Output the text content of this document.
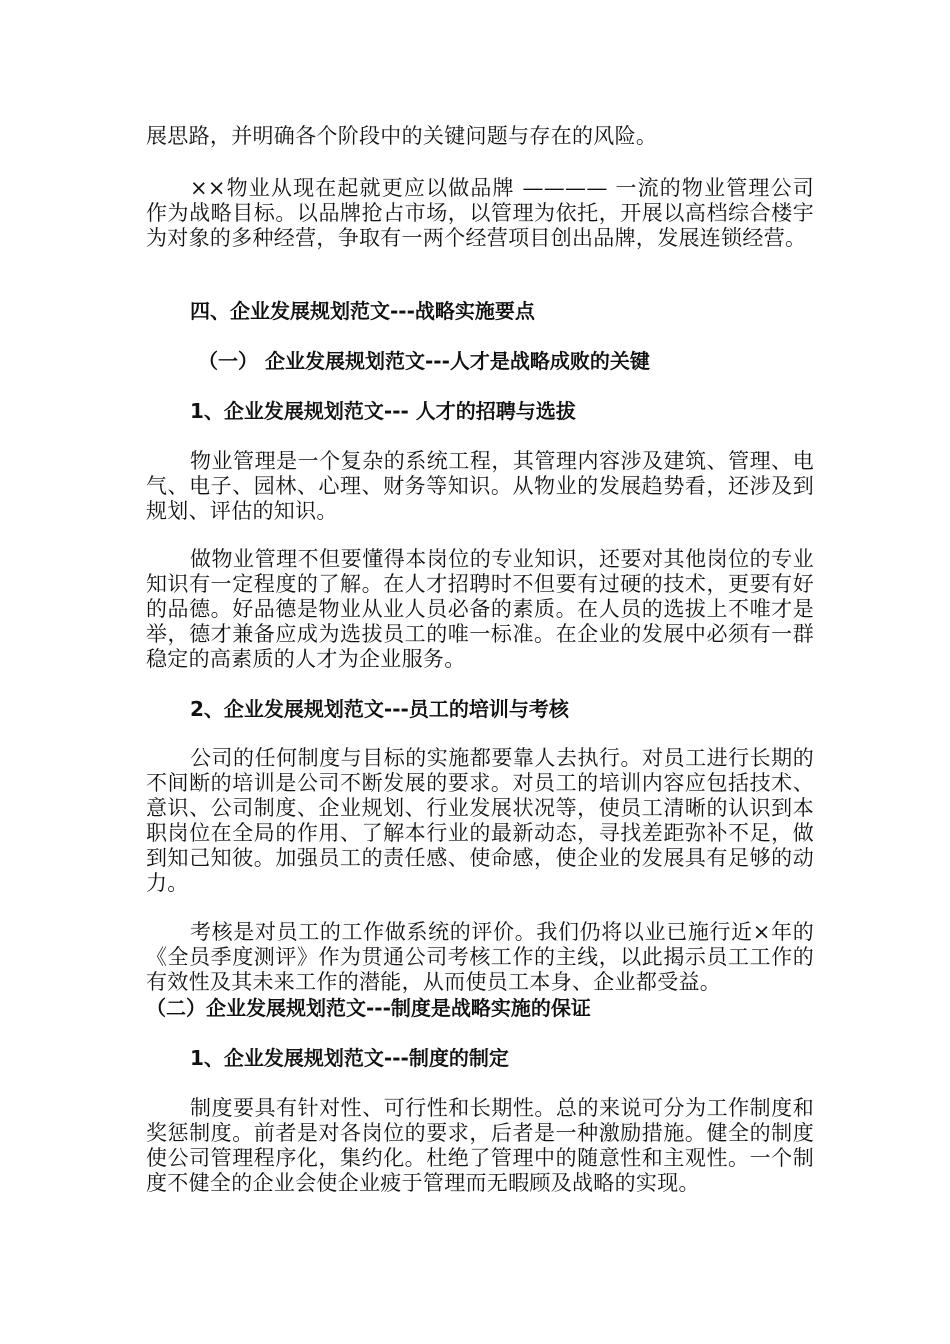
展思路，并明确各个阶段中的关键问题与存在的风险。

××物业从现在起就更应以做品牌 ———— 一流的物业管理公司作为战略目标。以品牌抢占市场，以管理为依托，开展以高档综合楼宇为对象的多种经营，争取有一两个经营项目创出品牌，发展连锁经营。

四、企业发展规划范文---战略实施要点

（一） 企业发展规划范文---人才是战略成败的关键

1、企业发展规划范文--- 人才的招聘与选拔

物业管理是一个复杂的系统工程，其管理内容涉及建筑、管理、电气、电子、园林、心理、财务等知识。从物业的发展趋势看，还涉及到规划、评估的知识。

做物业管理不但要懂得本岗位的专业知识，还要对其他岗位的专业知识有一定程度的了解。在人才招聘时不但要有过硬的技术，更要有好的品德。好品德是物业从业人员必备的素质。在人员的选拔上不唯才是举，德才兼备应成为选拔员工的唯一标准。在企业的发展中必须有一群稳定的高素质的人才为企业服务。

2、企业发展规划范文---员工的培训与考核

公司的任何制度与目标的实施都要靠人去执行。对员工进行长期的不间断的培训是公司不断发展的要求。对员工的培训内容应包括技术、意识、公司制度、企业规划、行业发展状况等，使员工清晰的认识到本职岗位在全局的作用、了解本行业的最新动态，寻找差距弥补不足，做到知己知彼。加强员工的责任感、使命感，使企业的发展具有足够的动力。

考核是对员工的工作做系统的评价。我们仍将以业已施行近×年的《全员季度测评》作为贯通公司考核工作的主线，以此揭示员工工作的有效性及其未来工作的潜能，从而使员工本身、企业都受益。

（二）企业发展规划范文---制度是战略实施的保证

1、企业发展规划范文---制度的制定

制度要具有针对性、可行性和长期性。总的来说可分为工作制度和奖惩制度。前者是对各岗位的要求，后者是一种激励措施。健全的制度使公司管理程序化，集约化。杜绝了管理中的随意性和主观性。一个制度不健全的企业会使企业疲于管理而无暇顾及战略的实现。
